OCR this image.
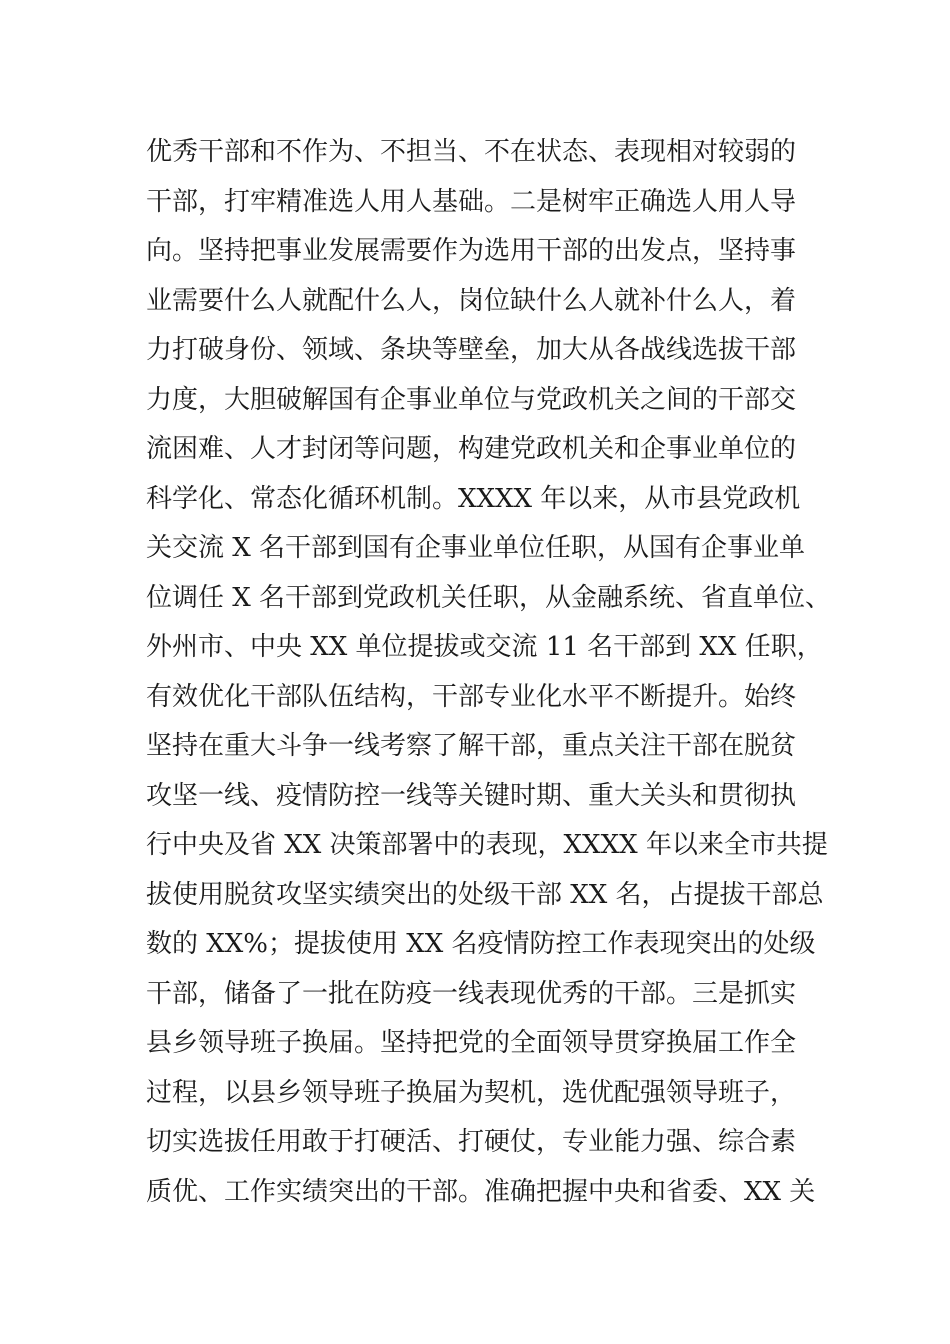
优秀干部和不作为、不担当、不在状态、表现相对较弱的
干部，打牢精准选人用人基础。二是树牢正确选人用人导
向。坚持把事业发展需要作为选用干部的出发点，坚持事
业需要什么人就配什么人，岗位缺什么人就补什么人，着
力打破身份、领域、条块等壁垒，加大从各战线选拔干部
力度，大胆破解国有企事业单位与党政机关之间的干部交
流困难、人才封闭等问题，构建党政机关和企事业单位的
科学化、常态化循环机制。XXXX 年以来，从市县党政机
关交流 X 名干部到国有企事业单位任职，从国有企事业单
位调任 X 名干部到党政机关任职，从金融系统、省直单位、
外州市、中央 XX 单位提拔或交流 11 名干部到 XX 任职，
有效优化干部队伍结构，干部专业化水平不断提升。始终
坚持在重大斗争一线考察了解干部，重点关注干部在脱贫
攻坚一线、疫情防控一线等关键时期、重大关头和贯彻执
行中央及省 XX 决策部署中的表现，XXXX 年以来全市共提
拔使用脱贫攻坚实绩突出的处级干部 XX 名，占提拔干部总
数的 XX%；提拔使用 XX 名疫情防控工作表现突出的处级
干部，储备了一批在防疫一线表现优秀的干部。三是抓实
县乡领导班子换届。坚持把党的全面领导贯穿换届工作全
过程，以县乡领导班子换届为契机，选优配强领导班子，
切实选拔任用敢于打硬活、打硬仗，专业能力强、综合素
质优、工作实绩突出的干部。准确把握中央和省委、XX 关
